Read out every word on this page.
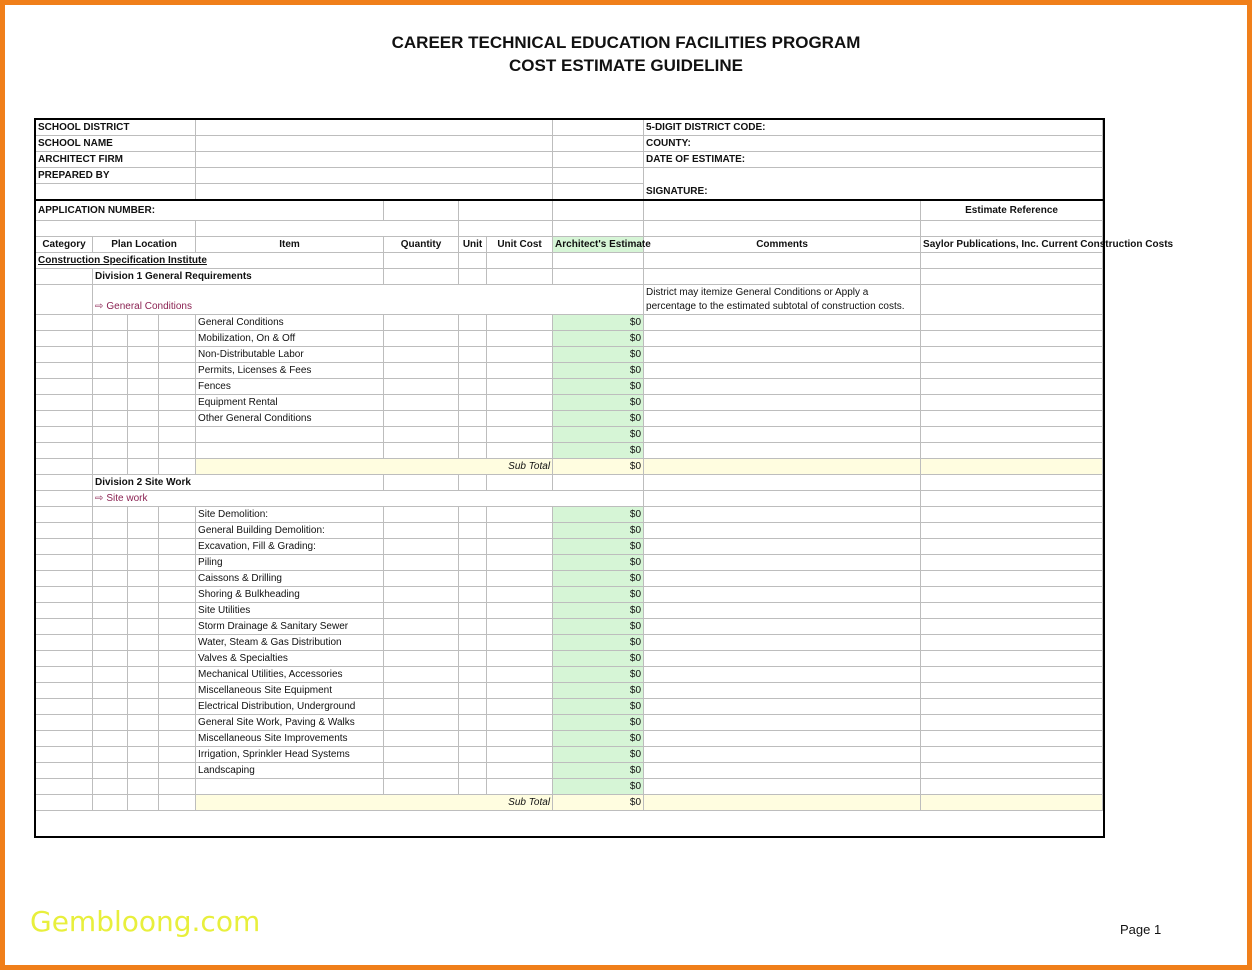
CAREER TECHNICAL EDUCATION FACILITIES PROGRAM
COST ESTIMATE GUIDELINE
SCHOOL DISTRICT									5-DIGIT DISTRICT CODE:	
SCHOOL NAME									COUNTY:	
ARCHITECT FIRM									DATE OF ESTIMATE:	
PREPARED BY									SIGNATURE:	

APPLICATION NUMBER:										Estimate Reference

Category	Plan Location			Item	Quantity	Unit	Unit Cost	Architect's Estimate	Comments	Saylor Publications, Inc. Current Construction Costs
Construction Specification Institute										
	Division 1 General Requirements									
	⇨ General Conditions								District may itemize General Conditions or Apply a
percentage to the estimated subtotal of construction costs.	

				General Conditions				$0		
				Mobilization, On & Off				$0		
				Non-Distributable Labor				$0		
				Permits, Licenses & Fees				$0		
				Fences				$0		
				Equipment Rental				$0		
				Other General Conditions				$0		
								$0		
								$0		
				Sub Total				$0		
	Division 2 Site Work									
	⇨ Site work									
				Site Demolition:				$0		
				General Building Demolition:				$0		
				Excavation, Fill & Grading:				$0		
				Piling				$0		
				Caissons & Drilling				$0		
				Shoring & Bulkheading				$0		
				Site Utilities				$0		
				Storm Drainage & Sanitary Sewer				$0		
				Water, Steam & Gas Distribution				$0		
				Valves & Specialties				$0		
				Mechanical Utilities, Accessories				$0		
				Miscellaneous Site Equipment				$0		
				Electrical Distribution, Underground				$0		
				General Site Work, Paving & Walks				$0		
				Miscellaneous Site Improvements				$0		
				Irrigation, Sprinkler Head Systems				$0		
				Landscaping				$0		
								$0		
				Sub Total				$0		
Gembloong.com	Page 1
